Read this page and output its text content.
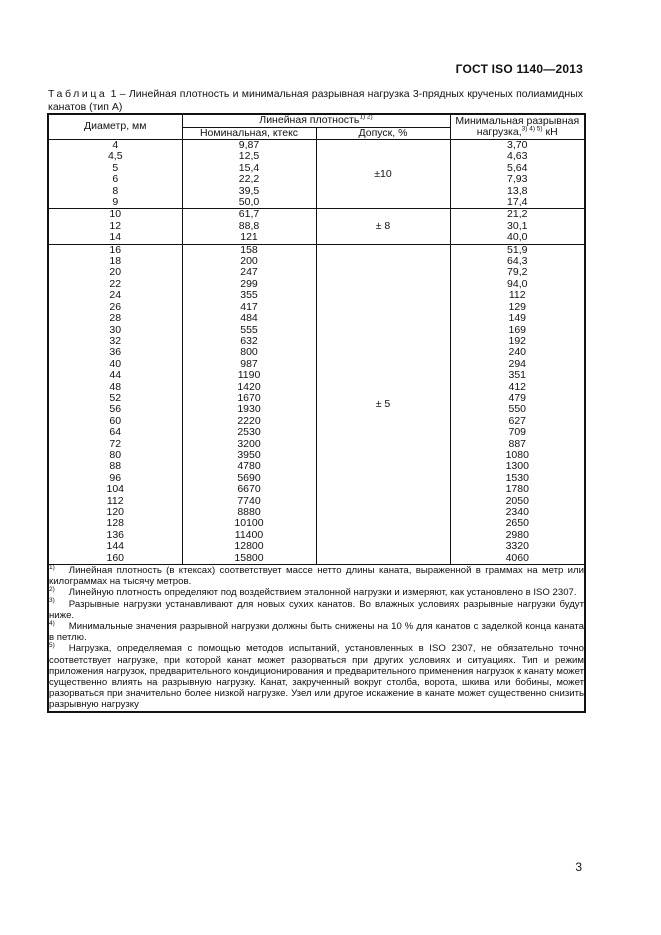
ГОСТ ISO 1140—2013
Таблица 1 – Линейная плотность и минимальная разрывная нагрузка 3-прядных крученых полиамидных канатов (тип А)
Диаметр, мм	Линейная плотность$^{1) 2)}$		Минимальная разрывная
нагрузка,$^{3) 4) 5)}$ кН

	Номинальная, ктекс	Допуск, %	
4	9,87	±10	3,70
4,5	12,5		4,63
5	15,4		5,64
6	22,2		7,93
8	39,5		13,8
9	50,0		17,4
10	61,7	± 8	21,2
12	88,8		30,1
14	121		40,0
16	158	± 5	51,9
18	200		64,3
20	247		79,2
22	299		94,0
24	355		112
26	417		129
28	484		149
30	555		169
32	632		192
36	800		240
40	987		294
44	1190		351
48	1420		412
52	1670		479
56	1930		550
60	2220		627
64	2530		709
72	3200		887
80	3950		1080
88	4780		1300
96	5690		1530
104	6670		1780
112	7740		2050
120	8880		2340
128	10100		2650
136	11400		2980
144	12800		3320
160	15800		4060

$^{1)}$ Линейная плотность (в ктексах) соответствует массе нетто длины каната, выраженной в граммах на метр или килограммах на тысячу метров.

$^{2)}$ Линейную плотность определяют под воздействием эталонной нагрузки и измеряют, как установлено в ISO 2307.

$^{3)}$ Разрывные нагрузки устанавливают для новых сухих канатов. Во влажных условиях разрывные нагрузки будут ниже.

$^{4)}$ Минимальные значения разрывной нагрузки должны быть снижены на 10 % для канатов с заделкой конца каната в петлю.

$^{5)}$ Нагрузка, определяемая с помощью методов испытаний, установленных в ISO 2307, не обязательно точно соответствует нагрузке, при которой канат может разорваться при других условиях и ситуациях. Тип и режим приложения нагрузок, предварительного кондиционирования и предварительного применения нагрузок к канату может существенно влиять на разрывную нагрузку. Канат, закрученный вокруг столба, ворота, шкива или бобины, может разорваться при значительно более низкой нагрузке. Узел или другое искажение в канате может существенно снизить разрывную нагрузку			

3
